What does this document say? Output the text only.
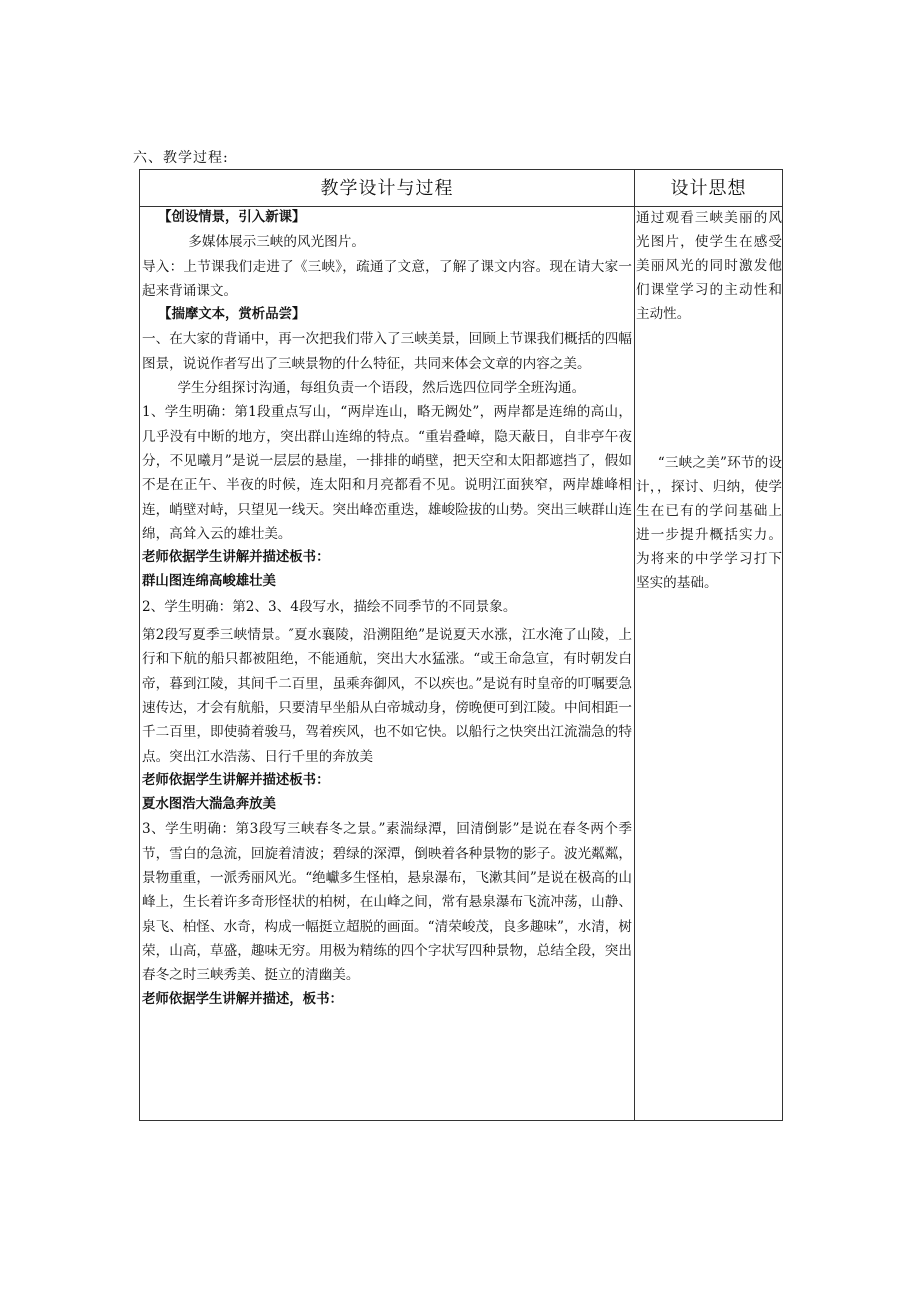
六、教学过程:
教学设计与过程	设计思想

【创设情景，引入新课】

多媒体展示三峡的风光图片。

导入：上节课我们走进了《三峡》，疏通了文意，了解了课文内容。现在请大家一起来背诵课文。

【揣摩文本，赏析品尝】

一、在大家的背诵中，再一次把我们带入了三峡美景，回顾上节课我们概括的四幅图景，说说作者写出了三峡景物的什么特征，共同来体会文章的内容之美。

学生分组探讨沟通，每组负责一个语段，然后选四位同学全班沟通。

1、学生明确：第1段重点写山，“两岸连山，略无阙处”，两岸都是连绵的高山，几乎没有中断的地方，突出群山连绵的特点。“重岩叠嶂，隐天蔽日，自非亭午夜分，不见曦月”是说一层层的悬崖，一排排的峭壁，把天空和太阳都遮挡了，假如不是在正午、半夜的时候，连太阳和月亮都看不见。说明江面狭窄，两岸雄峰相连，峭壁对峙，只望见一线天。突出峰峦重迭，雄峻险拔的山势。突出三峡群山连绵，高耸入云的雄壮美。

老师依据学生讲解并描述板书：

群山图连绵高峻雄壮美

2、学生明确：第2、3、4段写水，描绘不同季节的不同景象。

第2段写夏季三峡情景。″夏水襄陵，沿溯阻绝”是说夏天水涨，江水淹了山陵，上行和下航的船只都被阻绝，不能通航，突出大水猛涨。“或王命急宣，有时朝发白帝，暮到江陵，其间千二百里，虽乘奔御风，不以疾也。”是说有时皇帝的叮嘱要急速传达，才会有航船，只要清早坐船从白帝城动身，傍晚便可到江陵。中间相距一千二百里，即使骑着骏马，驾着疾风，也不如它快。以船行之快突出江流湍急的特点。突出江水浩荡、日行千里的奔放美

老师依据学生讲解并描述板书：

夏水图浩大湍急奔放美

3、学生明确：第3段写三峡春冬之景。”素湍绿潭，回清倒影”是说在春冬两个季节，雪白的急流，回旋着清波；碧绿的深潭，倒映着各种景物的影子。波光粼粼，景物重重，一派秀丽风光。“绝巘多生怪柏，悬泉瀑布，飞漱其间”是说在极高的山峰上，生长着许多奇形怪状的柏树，在山峰之间，常有悬泉瀑布飞流冲荡，山静、泉飞、柏怪、水奇，构成一幅挺立超脱的画面。“清荣峻茂，良多趣味”，水清，树荣，山高，草盛，趣味无穷。用极为精练的四个字状写四种景物，总结全段，突出春冬之时三峡秀美、挺立的清幽美。

老师依据学生讲解并描述，板书：

通过观看三峡美丽的风光图片，使学生在感受美丽风光的同时激发他们课堂学习的主动性和主动性。

“三峡之美”环节的设计，，探讨、归纳，使学生在已有的学问基础上进一步提升概括实力。为将来的中学学习打下坚实的基础。
